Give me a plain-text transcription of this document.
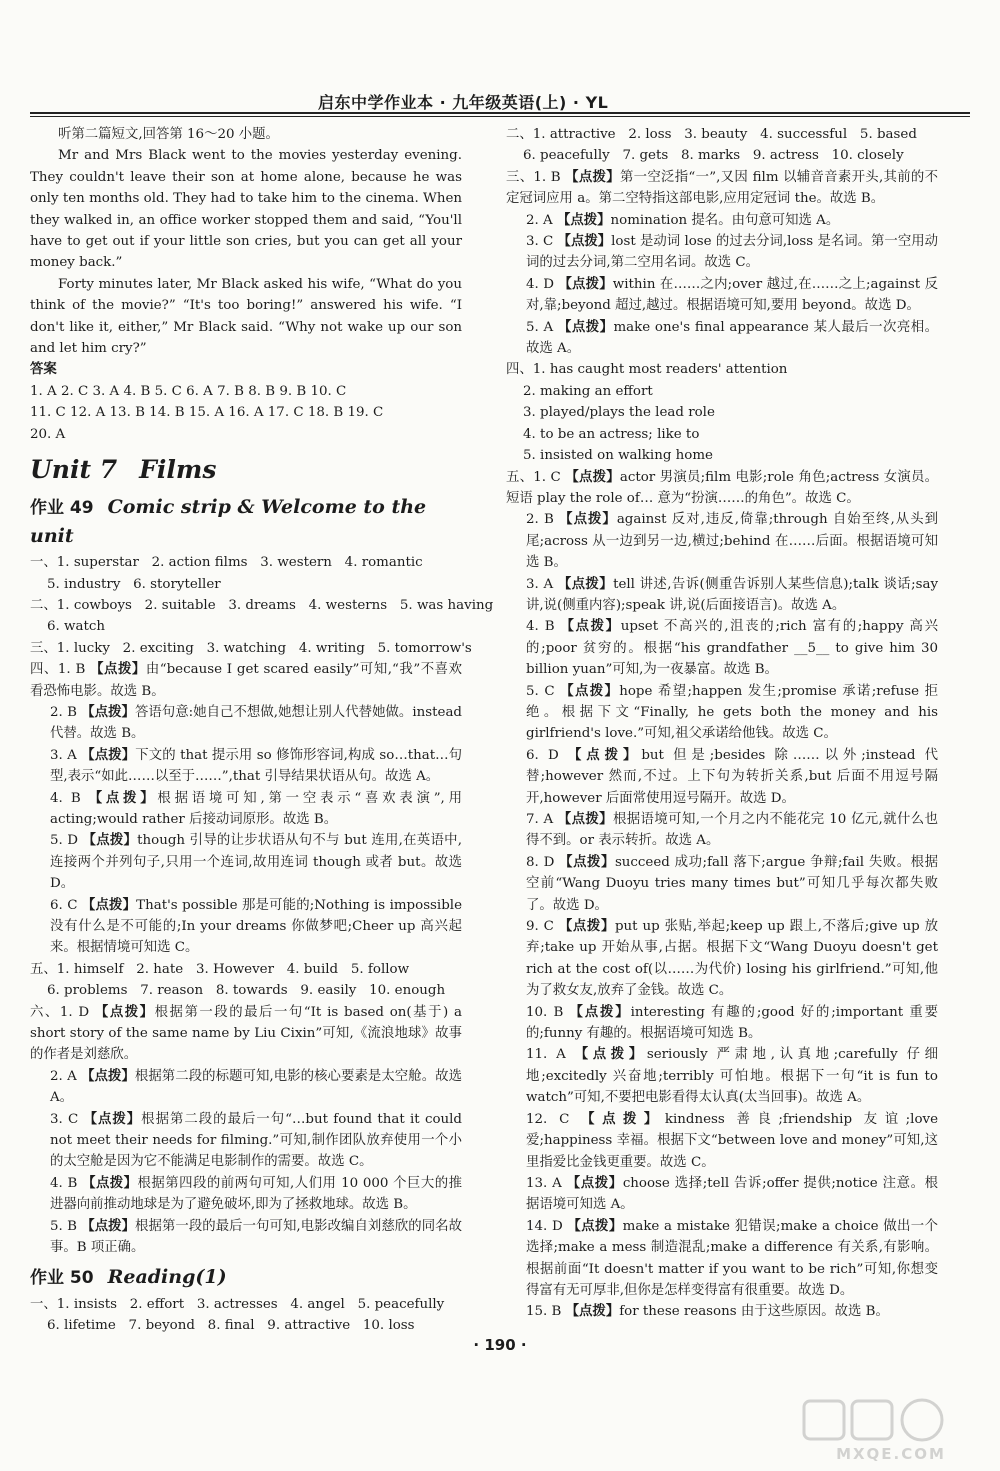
启东中学作业本 · 九年级英语(上) · YL

听第二篇短文,回答第 16～20 小题。

Mr and Mrs Black went to the movies yesterday evening. They couldn't leave their son at home alone, because he was only ten months old. They had to take him to the cinema. When they walked in, an office worker stopped them and said, “You'll have to get out if your little son cries, but you can get all your money back.”

Forty minutes later, Mr Black asked his wife, “What do you think of the movie?” “It's too boring!” answered his wife. “I don't like it, either,” Mr Black said. “Why not wake up our son and let him cry?”

答案

1. A 2. C 3. A 4. B 5. C 6. A 7. B 8. B 9. B 10. C

11. C 12. A 13. B 14. B 15. A 16. A 17. C 18. B 19. C

20. A

Unit 7 Films
作业 49 Comic strip & Welcome to the unit

一、1. superstar   2. action films   3. western   4. romantic

5. industry   6. storyteller

二、1. cowboys   2. suitable   3. dreams   4. westerns   5. was having

6. watch

三、1. lucky   2. exciting   3. watching   4. writing   5. tomorrow's

四、1. B 【点拨】由“because I get scared easily”可知,“我”不喜欢看恐怖电影。故选 B。

2. B 【点拨】答语句意:她自己不想做,她想让别人代替她做。instead 代替。故选 B。

3. A 【点拨】下文的 that 提示用 so 修饰形容词,构成 so…that…句型,表示“如此……以至于……”,that 引导结果状语从句。故选 A。

4. B 【点拨】根据语境可知,第一空表示“喜欢表演”,用 acting;would rather 后接动词原形。故选 B。

5. D 【点拨】though 引导的让步状语从句不与 but 连用,在英语中,连接两个并列句子,只用一个连词,故用连词 though 或者 but。故选 D。

6. C 【点拨】That's possible 那是可能的;Nothing is impossible 没有什么是不可能的;In your dreams 你做梦吧;Cheer up 高兴起来。根据情境可知选 C。

五、1. himself   2. hate   3. However   4. build   5. follow

6. problems   7. reason   8. towards   9. easily   10. enough

六、1. D 【点拨】根据第一段的最后一句“It is based on(基于) a short story of the same name by Liu Cixin”可知,《流浪地球》故事的作者是刘慈欣。

2. A 【点拨】根据第二段的标题可知,电影的核心要素是太空舱。故选 A。

3. C 【点拨】根据第二段的最后一句“…but found that it could not meet their needs for filming.”可知,制作团队放弃使用一个小的太空舱是因为它不能满足电影制作的需要。故选 C。

4. B 【点拨】根据第四段的前两句可知,人们用 10 000 个巨大的推进器向前推动地球是为了避免破坏,即为了拯救地球。故选 B。

5. B 【点拨】根据第一段的最后一句可知,电影改编自刘慈欣的同名故事。B 项正确。

作业 50 Reading(1)

一、1. insists   2. effort   3. actresses   4. angel   5. peacefully

6. lifetime   7. beyond   8. final   9. attractive   10. loss

二、1. attractive   2. loss   3. beauty   4. successful   5. based

6. peacefully   7. gets   8. marks   9. actress   10. closely

三、1. B 【点拨】第一空泛指“一”,又因 film 以辅音音素开头,其前的不定冠词应用 a。第二空特指这部电影,应用定冠词 the。故选 B。

2. A 【点拨】nomination 提名。由句意可知选 A。

3. C 【点拨】lost 是动词 lose 的过去分词,loss 是名词。第一空用动词的过去分词,第二空用名词。故选 C。

4. D 【点拨】within 在……之内;over 越过,在……之上;against 反对,靠;beyond 超过,越过。根据语境可知,要用 beyond。故选 D。

5. A 【点拨】make one's final appearance 某人最后一次亮相。故选 A。

四、1. has caught most readers' attention

2. making an effort

3. played/plays the lead role

4. to be an actress; like to

5. insisted on walking home

五、1. C 【点拨】actor 男演员;film 电影;role 角色;actress 女演员。短语 play the role of… 意为“扮演……的角色”。故选 C。

2. B 【点拨】against 反对,违反,倚靠;through 自始至终,从头到尾;across 从一边到另一边,横过;behind 在……后面。根据语境可知选 B。

3. A 【点拨】tell 讲述,告诉(侧重告诉别人某些信息);talk 谈话;say 讲,说(侧重内容);speak 讲,说(后面接语言)。故选 A。

4. B 【点拨】upset 不高兴的,沮丧的;rich 富有的;happy 高兴的;poor 贫穷的。根据“his grandfather __5__ to give him 30 billion yuan”可知,为一夜暴富。故选 B。

5. C 【点拨】hope 希望;happen 发生;promise 承诺;refuse 拒绝。根据下文“Finally, he gets both the money and his girlfriend's love.”可知,祖父承诺给他钱。故选 C。

6. D 【点拨】but 但是;besides 除……以外;instead 代替;however 然而,不过。上下句为转折关系,but 后面不用逗号隔开,however 后面常使用逗号隔开。故选 D。

7. A 【点拨】根据语境可知,一个月之内不能花完 10 亿元,就什么也得不到。or 表示转折。故选 A。

8. D 【点拨】succeed 成功;fall 落下;argue 争辩;fail 失败。根据空前“Wang Duoyu tries many times but”可知几乎每次都失败了。故选 D。

9. C 【点拨】put up 张贴,举起;keep up 跟上,不落后;give up 放弃;take up 开始从事,占据。根据下文“Wang Duoyu doesn't get rich at the cost of(以……为代价) losing his girlfriend.”可知,他为了救女友,放弃了金钱。故选 C。

10. B 【点拨】interesting 有趣的;good 好的;important 重要的;funny 有趣的。根据语境可知选 B。

11. A 【点拨】seriously 严肃地,认真地;carefully 仔细地;excitedly 兴奋地;terribly 可怕地。根据下一句“it is fun to watch”可知,不要把电影看得太认真(太当回事)。故选 A。

12. C 【点拨】kindness 善良;friendship 友谊;love 爱;happiness 幸福。根据下文“between love and money”可知,这里指爱比金钱更重要。故选 C。

13. A 【点拨】choose 选择;tell 告诉;offer 提供;notice 注意。根据语境可知选 A。

14. D 【点拨】make a mistake 犯错误;make a choice 做出一个选择;make a mess 制造混乱;make a difference 有关系,有影响。根据前面“It doesn't matter if you want to be rich”可知,你想变得富有无可厚非,但你是怎样变得富有很重要。故选 D。

15. B 【点拨】for these reasons 由于这些原因。故选 B。

· 190 ·
MXQE.COM
